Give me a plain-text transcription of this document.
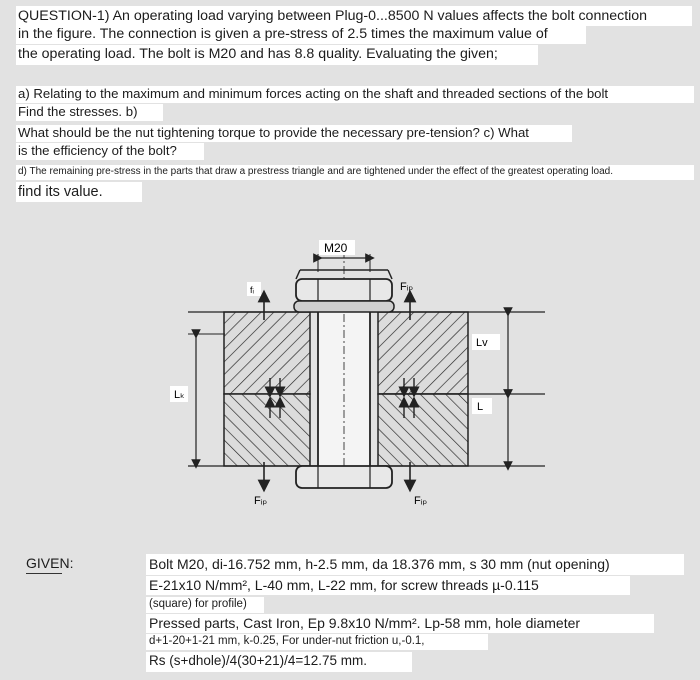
QUESTION-1) An operating load varying between Plug-0...8500 N values affects the bolt connection
in the figure. The connection is given a pre-stress of 2.5 times the maximum value of
the operating load. The bolt is M20 and has 8.8 quality. Evaluating the given;
a) Relating to the maximum and minimum forces acting on the shaft and threaded sections of the bolt
Find the stresses. b)
What should be the nut tightening torque to provide the necessary pre-tension? c) What
is the efficiency of the bolt?
d) The remaining pre-stress in the parts that draw a prestress triangle and are tightened under the effect of the greatest operating load.
find its value.
M20
Lₖ
Lv
L
Fᵢₚ
fᵢ
Fᵢₚ	Fᵢₚ
GIVEN:	Bolt M20, di-16.752 mm, h-2.5 mm, da 18.376 mm, s 30 mm (nut opening)
E-21x10 N/mm², L-40 mm, L-22 mm, for screw threads µ-0.115
(square) for profile)
Pressed parts, Cast Iron, Ep 9.8x10 N/mm². Lp-58 mm, hole diameter
d+1-20+1-21 mm, k-0.25, For under-nut friction u,-0.1,
Rs (s+dhole)/4(30+21)/4=12.75 mm.
